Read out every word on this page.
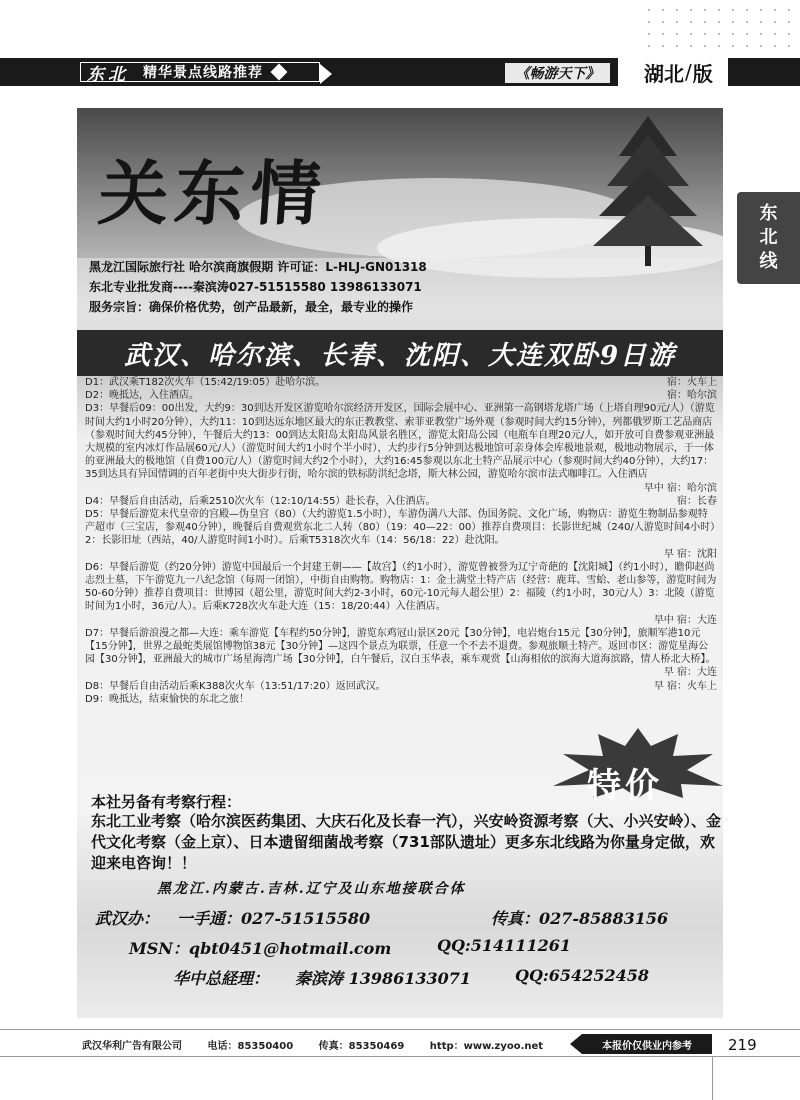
东北 精华景点线路推荐	《畅游天下》	湖北 / 版
东
北
线
关东情
黑龙江国际旅行社 哈尔滨商旗假期 许可证：L-HLJ-GN01318
东北专业批发商----秦滨涛027-51515580 13986133071
服务宗旨：确保价格优势，创产品最新，最全，最专业的操作
武汉、哈尔滨、长春、沈阳、大连双卧9日游
D1：武汉乘T182次火车（15:42/19:05）赴哈尔滨。	宿：火车上
D2：晚抵达，入住酒店。	宿：哈尔滨
D3：早餐后09：00出发，大约9：30到达开发区游览哈尔滨经济开发区，国际会展中心、亚洲第一高钢塔龙塔广场（上塔自理90元/人）（游览时间大约1小时20分钟），大约11：10到达远东地区最大的东正教教堂、索菲亚教堂广场外观（参观时间大约15分钟），列都俄罗斯工艺品商店（参观时间大约45分钟），午餐后大约13：00到达太阳岛太阳岛风景名胜区，游览太阳岛公园（电瓶车自理20元/人，如开放可自费参观亚洲最大规模的室内冰灯作品展60元/人）（游览时间大约1小时个半小时），大约步行5分钟到达极地馆可亲身体会库极地景观，极地动物展示，于一体的亚洲最大的极地馆（自费100元/人）（游览时间大约2个小时），大约16:45参观以东北土特产品展示中心（参观时间大约40分钟），大约17：35到达具有异国情调的百年老街中央大街步行街，哈尔滨的铁标防洪纪念塔，斯大林公园，游览哈尔滨市法式咖啡江。入住酒店
早中 宿：哈尔滨
D4：早餐后自由活动，后乘2510次火车（12:10/14:55）赴长春，入住酒店。	宿：长春
D5：早餐后游览末代皇帝的宫殿—伪皇宫（80）（大约游览1.5小时），车游伪满八大部、伪国务院、文化广场，购物店：游览生物制品参观特产超市（三宝店，参观40分钟），晚餐后自费观赏东北二人转（80）（19：40—22：00）推荐自费项目：长影世纪城（240/人游览时间4小时）2：长影旧址（西站，40/人游览时间1小时）。后乘T5318次火车（14：56/18：22）赴沈阳。
早 宿：沈阳
D6：早餐后游览（约20分钟）游览中国最后一个封建王朝——【故宫】（约1小时），游览曾被誉为辽宁奇葩的【沈阳城】（约1小时），瞻仰赵尚志烈士墓，下午游览九一八纪念馆（每周一闭馆），中街自由购物。购物店：1：金土满堂土特产店（经营：鹿茸、雪蛤、老山参等，游览时间为50-60分钟）推荐自费项目：世博园（超公里，游览时间大约2-3小时，60元-10元每人超公里）2：福陵（约1小时，30元/人）3：北陵（游览时间为1小时，36元/人）。后乘K728次火车赴大连（15：18/20:44）入住酒店。
早中 宿：大连
D7：早餐后游浪漫之都—大连：乘车游览【车程约50分钟】，游览东鸡冠山景区20元【30分钟】，电岩炮台15元【30分钟】，旅顺军港10元【15分钟】，世界之最蛇类展馆博物馆38元【30分钟】—这四个景点为联票，任意一个不去不退费。参观旅顺土特产。返回市区：游览星海公园【30分钟】，亚洲最大的城市广场星海湾广场【30分钟】，白午餐后，汉白玉华表，乘车观赏【山海相依的滨海大道海滨路，情人桥北大桥】。
早 宿：大连
D8：早餐后自由活动后乘K388次火车（13:51/17:20）返回武汉。	早 宿：火车上
D9：晚抵达，结束愉快的东北之旅！
特价
本社另备有考察行程：
东北工业考察（哈尔滨医药集团、大庆石化及长春一汽），兴安岭资源考察（大、小兴安岭）、金代文化考察（金上京）、日本遗留细菌战考察（731部队遗址）更多东北线路为你量身定做，欢迎来电咨询！！
黑龙江.内蒙古.吉林.辽宁及山东地接联合体
武汉办： 一手通：027-51515580	传真：027-85883156
MSN：qbt0451@hotmail.com	QQ:514111261
华中总経理： 秦滨涛 13986133071	QQ:654252458
武汉华利广告有限公司	电话：85350400	传真：85350469	http：www.zyoo.net	本报价仅供业内参考	219
